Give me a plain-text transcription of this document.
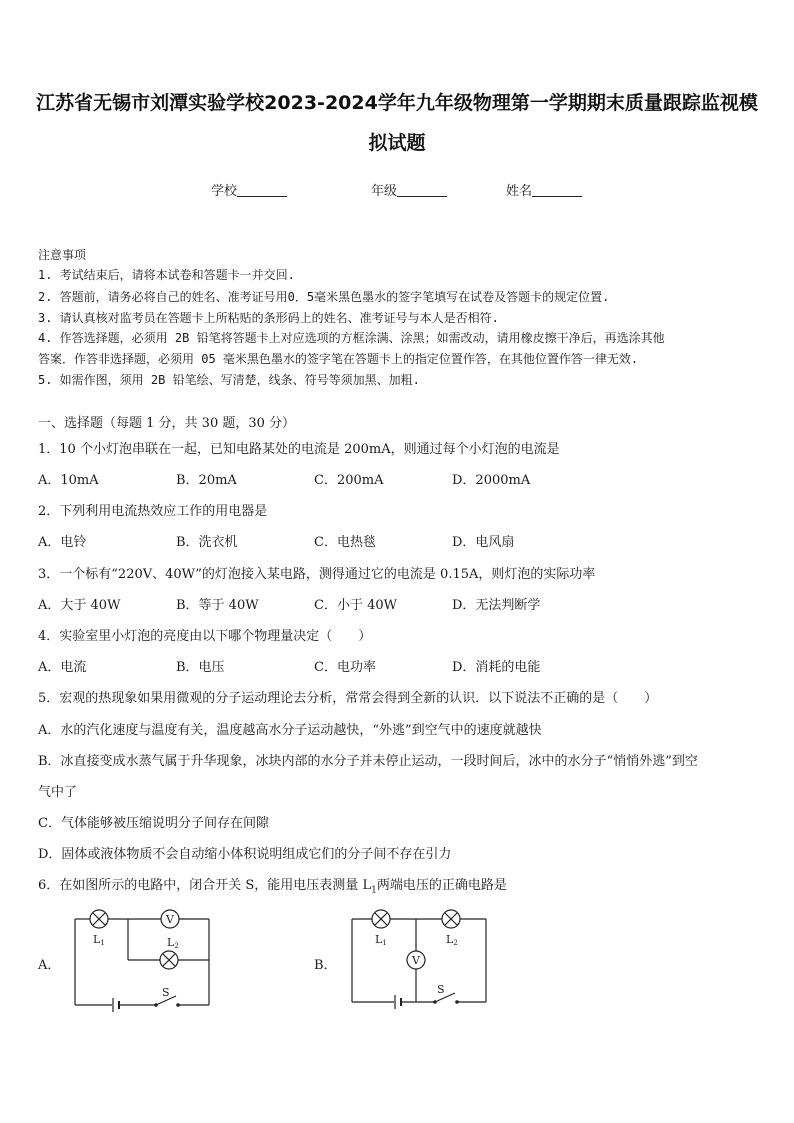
江苏省无锡市刘潭实验学校2023-2024学年九年级物理第一学期期末质量跟踪监视模
拟试题
学校	年级	姓名
注意事项
1. 考试结束后，请将本试卷和答题卡一并交回.
2. 答题前，请务必将自己的姓名、准考证号用0．5毫米黑色墨水的签字笔填写在试卷及答题卡的规定位置.
3. 请认真核对监考员在答题卡上所粘贴的条形码上的姓名、准考证号与本人是否相符.
4. 作答选择题，必须用 2B 铅笔将答题卡上对应选项的方框涂满、涂黑；如需改动，请用橡皮擦干净后，再选涂其他
答案．作答非选择题，必须用 05 毫米黑色墨水的签字笔在答题卡上的指定位置作答，在其他位置作答一律无效.
5. 如需作图，须用 2B 铅笔绘、写清楚，线条、符号等须加黑、加粗.
一、选择题（每题 1 分，共 30 题，30 分）
1．10 个小灯泡串联在一起，已知电路某处的电流是 200mA，则通过每个小灯泡的电流是
A．10mA	B．20mA	C．200mA	D．2000mA
2．下列利用电流热效应工作的用电器是
A．电铃	B．洗衣机	C．电热毯	D．电风扇
3．一个标有“220V、40W”的灯泡接入某电路，测得通过它的电流是 0.15A，则灯泡的实际功率
A．大于 40W	B．等于 40W	C．小于 40W	D．无法判断学
4．实验室里小灯泡的亮度由以下哪个物理量决定（　　）
A．电流	B．电压	C．电功率	D．消耗的电能
5．宏观的热现象如果用微观的分子运动理论去分析，常常会得到全新的认识．以下说法不正确的是（　　）
A．水的汽化速度与温度有关，温度越高水分子运动越快，“外逃”到空气中的速度就越快
B．冰直接变成水蒸气属于升华现象，冰块内部的水分子并未停止运动，一段时间后，冰中的水分子“悄悄外逃”到空
气中了
C．气体能够被压缩说明分子间存在间隙
D．固体或液体物质不会自动缩小体积说明组成它们的分子间不存在引力
6．在如图所示的电路中，闭合开关 S，能用电压表测量 $L_1$两端电压的正确电路是
A．	B．
V
L1	L2
S
V
L1	L2
S
